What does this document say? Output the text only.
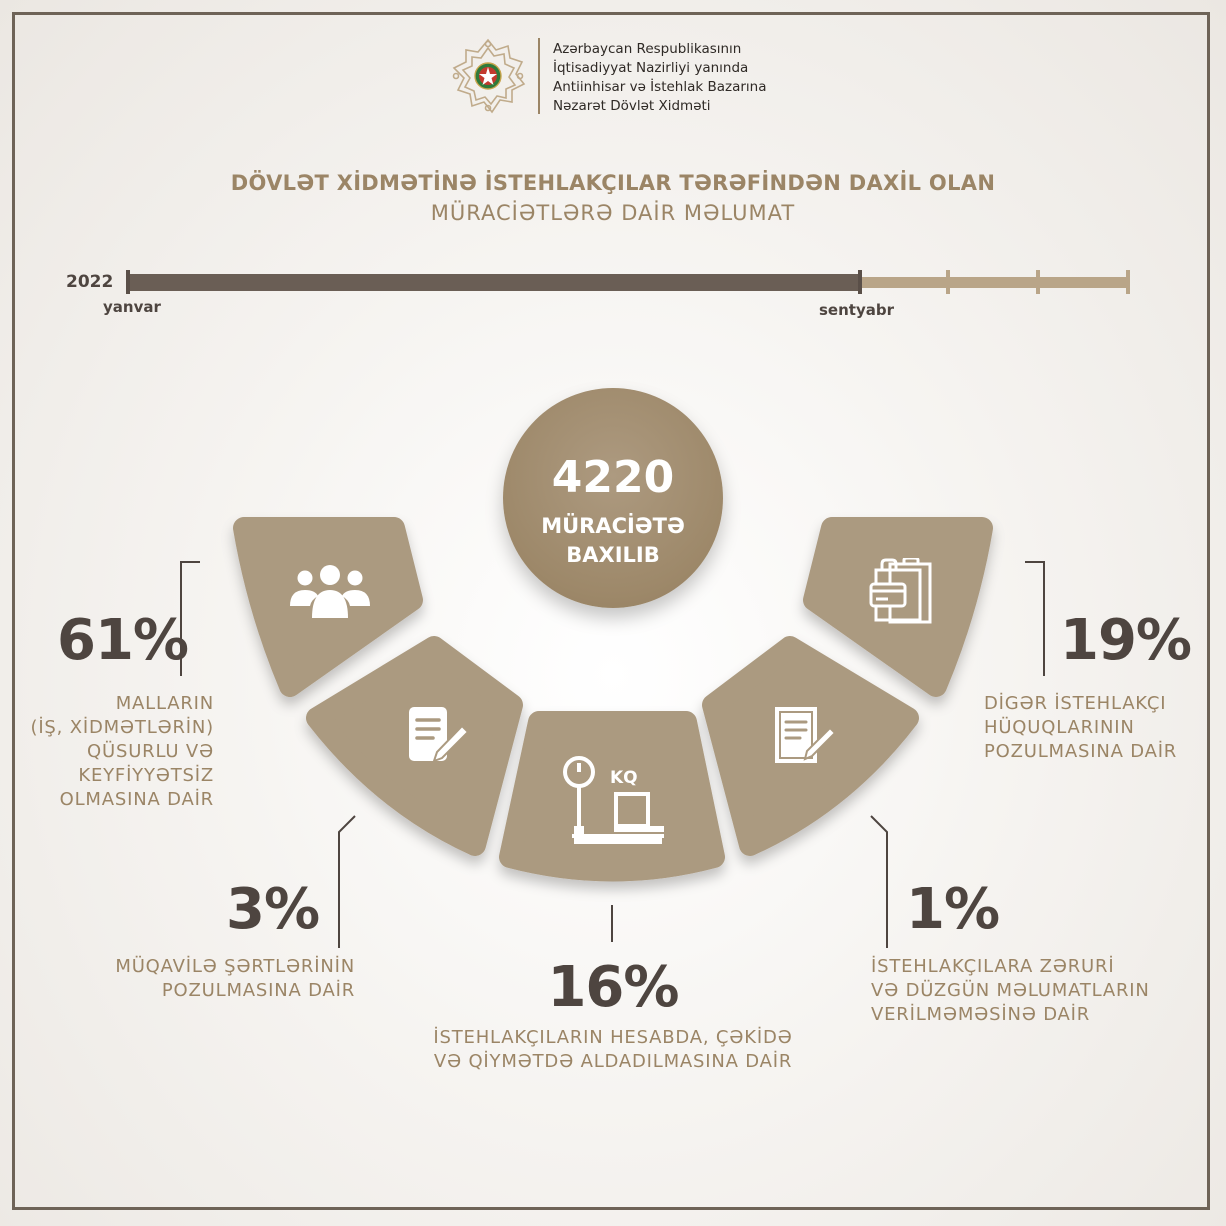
Azərbaycan Respublikasının
İqtisadiyyat Nazirliyi yanında
Antiinhisar və İstehlak Bazarına
Nəzarət Dövlət Xidməti
DÖVLƏT XİDMƏTİNƏ İSTEHLAKÇILAR TƏRƏFİNDƏN DAXİL OLAN
MÜRACİƏTLƏRƏ DAİR MƏLUMAT
2022
yanvar	sentyabr
KQ
4220
MÜRACİƏTƏ
BAXILIB
61%
MALLARIN
(İŞ, XİDMƏTLƏRİN)
QÜSURLU VƏ
KEYFİYYƏTSİZ
OLMASINA DAİR
3%
MÜQAVİLƏ ŞƏRTLƏRİNİN
POZULMASINA DAİR	16%
İSTEHLAKÇILARIN HESABDA, ÇƏKİDƏ
VƏ QİYMƏTDƏ ALDADILMASINA DAİR
1%
İSTEHLAKÇILARA ZƏRURİ
VƏ DÜZGÜN MƏLUMATLARIN
VERİLMƏMƏSİNƏ DAİR
19%
DİGƏR İSTEHLAKÇI
HÜQUQLARININ
POZULMASINA DAİR
